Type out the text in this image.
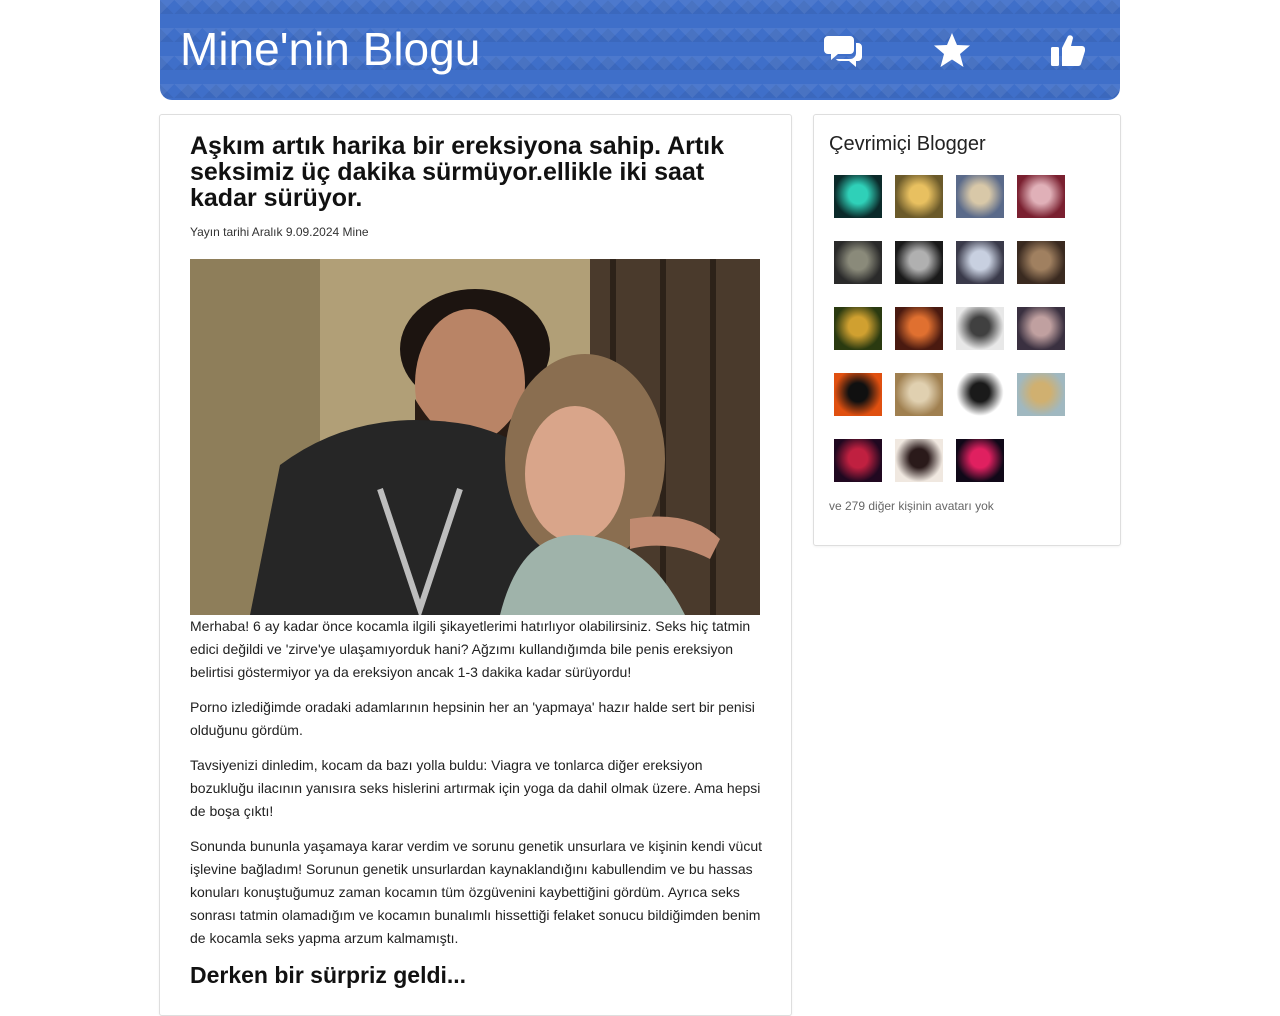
Mine'nin Blogu
Aşkım artık harika bir ereksiyona sahip. Artık seksimiz üç dakika sürmüyor.ellikle iki saat kadar sürüyor.
Yayın tarihi Aralık 9.09.2024 Mine

Merhaba! 6 ay kadar önce kocamla ilgili şikayetlerimi hatırlıyor olabilirsiniz. Seks hiç tatmin edici değildi ve 'zirve'ye ulaşamıyorduk hani? Ağzımı kullandığımda bile penis ereksiyon belirtisi göstermiyor ya da ereksiyon ancak 1-3 dakika kadar sürüyordu!

Porno izlediğimde oradaki adamlarının hepsinin her an 'yapmaya' hazır halde sert bir penisi olduğunu gördüm.

Tavsiyenizi dinledim, kocam da bazı yolla buldu: Viagra ve tonlarca diğer ereksiyon bozukluğu ilacının yanısıra seks hislerini artırmak için yoga da dahil olmak üzere. Ama hepsi de boşa çıktı!

Sonunda bununla yaşamaya karar verdim ve sorunu genetik unsurlara ve kişinin kendi vücut işlevine bağladım! Sorunun genetik unsurlardan kaynaklandığını kabullendim ve bu hassas konuları konuştuğumuz zaman kocamın tüm özgüvenini kaybettiğini gördüm. Ayrıca seks sonrası tatmin olamadığım ve kocamın bunalımlı hissettiği felaket sonucu bildiğimden benim de kocamla seks yapma arzum kalmamıştı.

Derken bir sürpriz geldi...
Çevrimiçi Blogger
ve 279 diğer kişinin avatarı yok
